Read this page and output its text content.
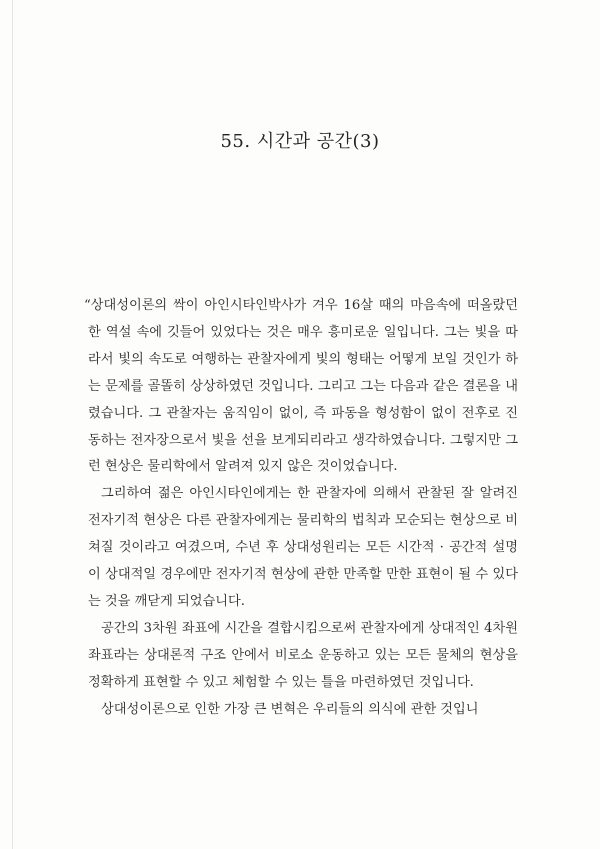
55. 시간과 공간(3)

“상대성이론의 싹이 아인시타인박사가 겨우 16살 때의 마음속에 떠올랐던 한 역설 속에 깃들어 있었다는 것은 매우 흥미로운 일입니다. 그는 빛을 따라서 빛의 속도로 여행하는 관찰자에게 빛의 형태는 어떻게 보일 것인가 하는 문제를 골똘히 상상하였던 것입니다. 그리고 그는 다음과 같은 결론을 내렸습니다. 그 관찰자는 움직임이 없이, 즉 파동을 형성함이 없이 전후로 진동하는 전자장으로서 빛을 선을 보게되리라고 생각하였습니다. 그렇지만 그런 현상은 물리학에서 알려져 있지 않은 것이었습니다.

그리하여 젊은 아인시타인에게는 한 관찰자에 의해서 관찰된 잘 알려진 전자기적 현상은 다른 관찰자에게는 물리학의 법칙과 모순되는 현상으로 비쳐질 것이라고 여겼으며, 수년 후 상대성원리는 모든 시간적 · 공간적 설명이 상대적일 경우에만 전자기적 현상에 관한 만족할 만한 표현이 될 수 있다는 것을 깨닫게 되었습니다.

공간의 3차원 좌표에 시간을 결합시킴으로써 관찰자에게 상대적인 4차원 좌표라는 상대론적 구조 안에서 비로소 운동하고 있는 모든 물체의 현상을 정확하게 표현할 수 있고 체험할 수 있는 틀을 마련하였던 것입니다.

상대성이론으로 인한 가장 큰 변혁은 우리들의 의식에 관한 것입니
